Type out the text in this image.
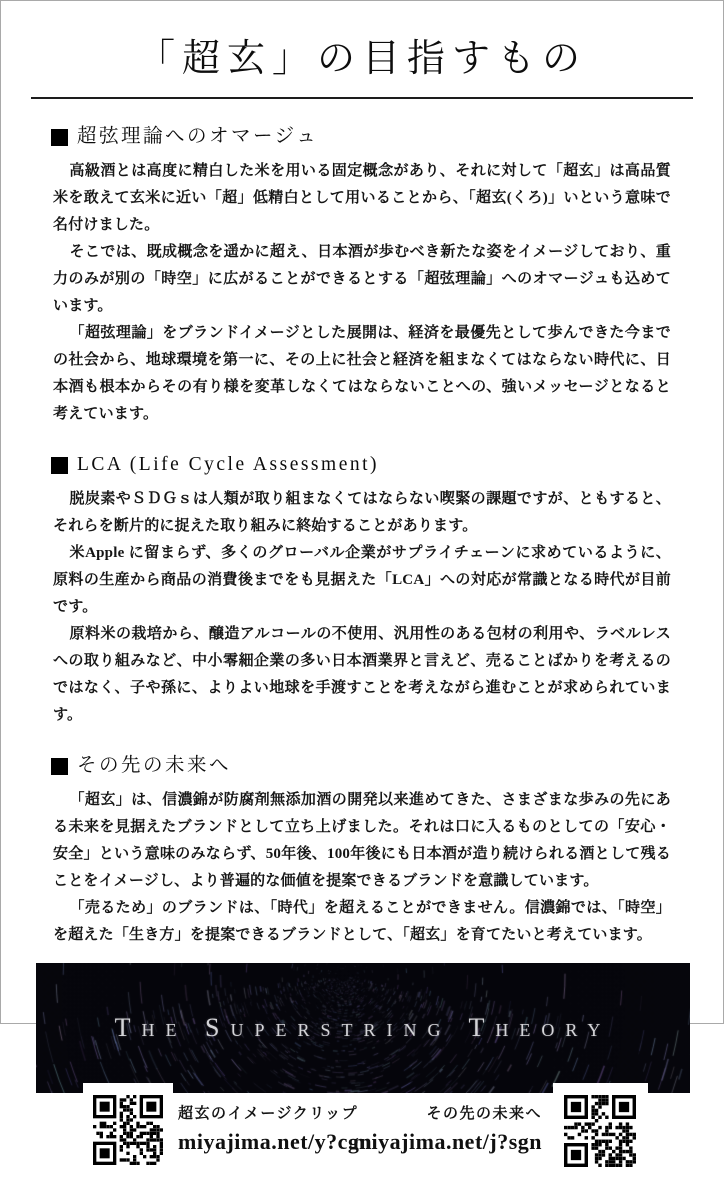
「超玄」の目指すもの
超弦理論へのオマージュ

高級酒とは高度に精白した米を用いる固定概念があり、それに対して「超玄」は高品質米を敢えて玄米に近い「超」低精白として用いることから、「超玄(くろ)」いという意味で名付けました。

そこでは、既成概念を遥かに超え、日本酒が歩むべき新たな姿をイメージしており、重力のみが別の「時空」に広がることができるとする「超弦理論」へのオマージュも込めています。

「超弦理論」をブランドイメージとした展開は、経済を最優先として歩んできた今までの社会から、地球環境を第一に、その上に社会と経済を組まなくてはならない時代に、日本酒も根本からその有り様を変革しなくてはならないことへの、強いメッセージとなると考えています。

LCA (Life Cycle Assessment)

脱炭素やＳＤＧｓは人類が取り組まなくてはならない喫緊の課題ですが、ともすると、それらを断片的に捉えた取り組みに終始することがあります。

米Apple に留まらず、多くのグローバル企業がサプライチェーンに求めているように、原料の生産から商品の消費後までをも見据えた「LCA」への対応が常識となる時代が目前です。

原料米の栽培から、醸造アルコールの不使用、汎用性のある包材の利用や、ラベルレスへの取り組みなど、中小零細企業の多い日本酒業界と言えど、売ることばかりを考えるのではなく、子や孫に、よりよい地球を手渡すことを考えながら進むことが求められています。

その先の未来へ

「超玄」は、信濃錦が防腐剤無添加酒の開発以来進めてきた、さまざまな歩みの先にある未来を見据えたブランドとして立ち上げました。それは口に入るものとしての「安心・安全」という意味のみならず、50年後、100年後にも日本酒が造り続けられる酒として残ることをイメージし、より普遍的な価値を提案できるブランドを意識しています。

「売るため」のブランドは、「時代」を超えることができません。信濃錦では、「時空」を超えた「生き方」を提案できるブランドとして、「超玄」を育てたいと考えています。

The Superstring Theory
超玄のイメージクリップ
miyajima.net/y?cgn
その先の未来へ
miyajima.net/j?sgn
